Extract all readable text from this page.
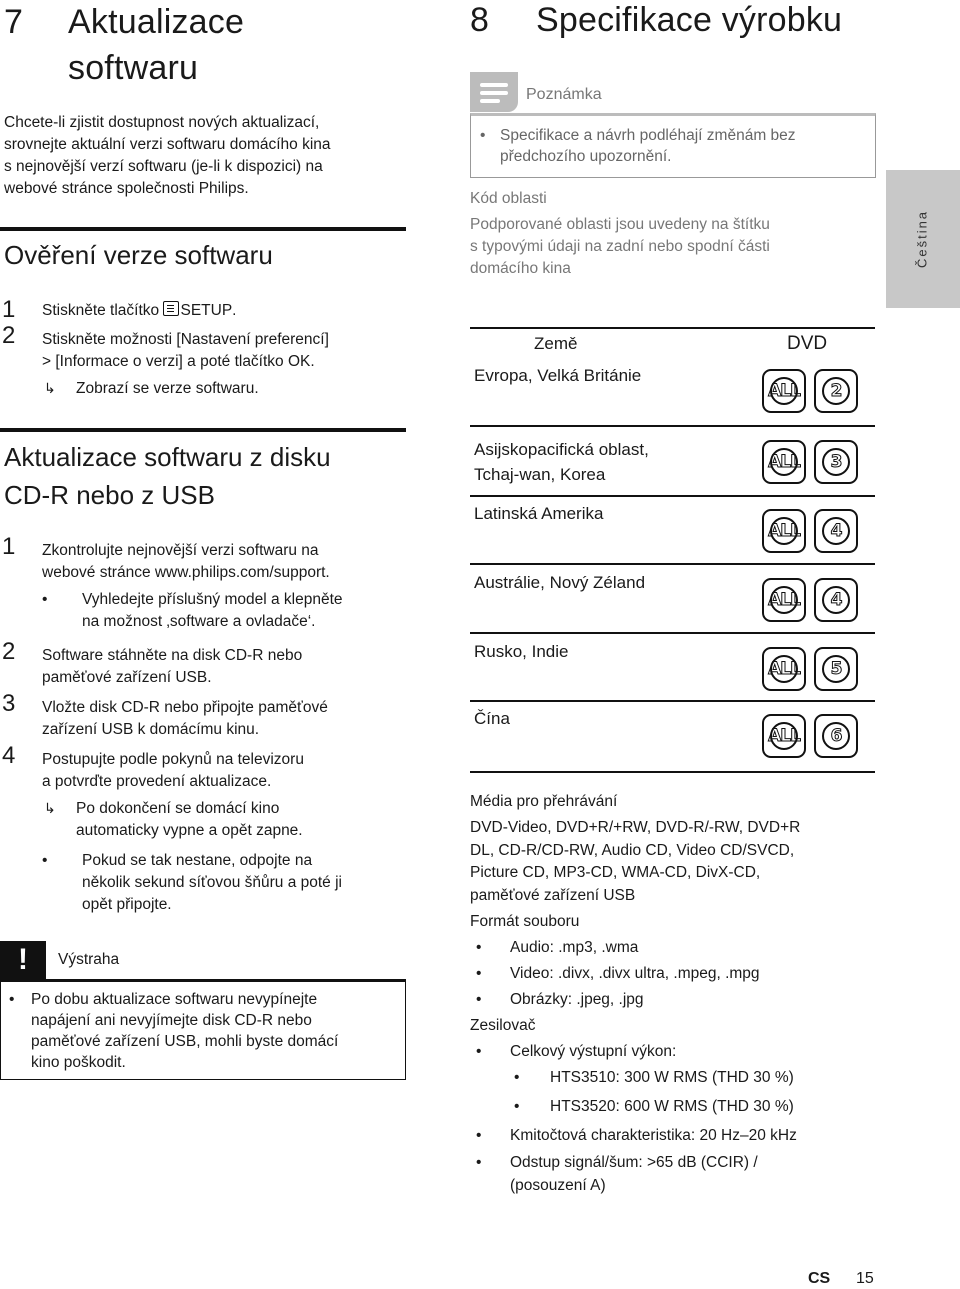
7 Aktualizace
softwaru
Chcete-li zjistit dostupnost nových aktualizací,
srovnejte aktuální verzi softwaru domácího kina
s nejnovější verzí softwaru (je-li k dispozici) na
webové stránce společnosti Philips.
Ověření verze softwaru
1 Stiskněte tlačítko
SETUP.
2 Stiskněte možnosti [Nastavení preferencí]
> [Informace o verzi] a poté tlačítko OK.
↳ Zobrazí se verze softwaru.
Aktualizace softwaru z disku
CD-R nebo z USB
1 Zkontrolujte nejnovější verzi softwaru na
webové stránce www.philips.com/support.
• Vyhledejte příslušný model a klepněte
na možnost ‚software a ovladače‘.
2 Software stáhněte na disk CD-R nebo
paměťové zařízení USB.
3 Vložte disk CD-R nebo připojte paměťové
zařízení USB k domácímu kinu.
4 Postupujte podle pokynů na televizoru
a potvrďte provedení aktualizace.
↳ Po dokončení se domácí kino
automaticky vypne a opět zapne.
• Pokud se tak nestane, odpojte na
několik sekund síťovou šňůru a poté ji
opět připojte.
!	Výstraha
• Po dobu aktualizace softwaru nevypínejte
napájení ani nevyjímejte disk CD-R nebo
paměťové zařízení USB, mohli byste domácí
kino poškodit.
8 Specifikace výrobku
Poznámka
• Specifikace a návrh podléhají změnám bez
předchozího upozornění.
Kód oblasti
Podporované oblasti jsou uvedeny na štítku
s typovými údaji na zadní nebo spodní části
domácího kina
Čeština
Země	DVD
Evropa, Velká Británie
ALL 2
Asijskopacifická oblast,
Tchaj-wan, Korea
ALL 3
Latinská Amerika
ALL 4
Austrálie, Nový Zéland
ALL 4
Rusko, Indie
ALL 5
Čína
ALL 6
Média pro přehrávání
DVD-Video, DVD+R/+RW, DVD-R/-RW, DVD+R
DL, CD-R/CD-RW, Audio CD, Video CD/SVCD,
Picture CD, MP3-CD, WMA-CD, DivX-CD,
paměťové zařízení USB
Formát souboru
• Audio: .mp3, .wma
• Video: .divx, .divx ultra, .mpeg, .mpg
• Obrázky: .jpeg, .jpg
Zesilovač
• Celkový výstupní výkon:
• HTS3510: 300 W RMS (THD 30 %)
• HTS3520: 600 W RMS (THD 30 %)
• Kmitočtová charakteristika: 20 Hz–20 kHz
• Odstup signál/šum: >65 dB (CCIR) /
(posouzení A)
CS 15
